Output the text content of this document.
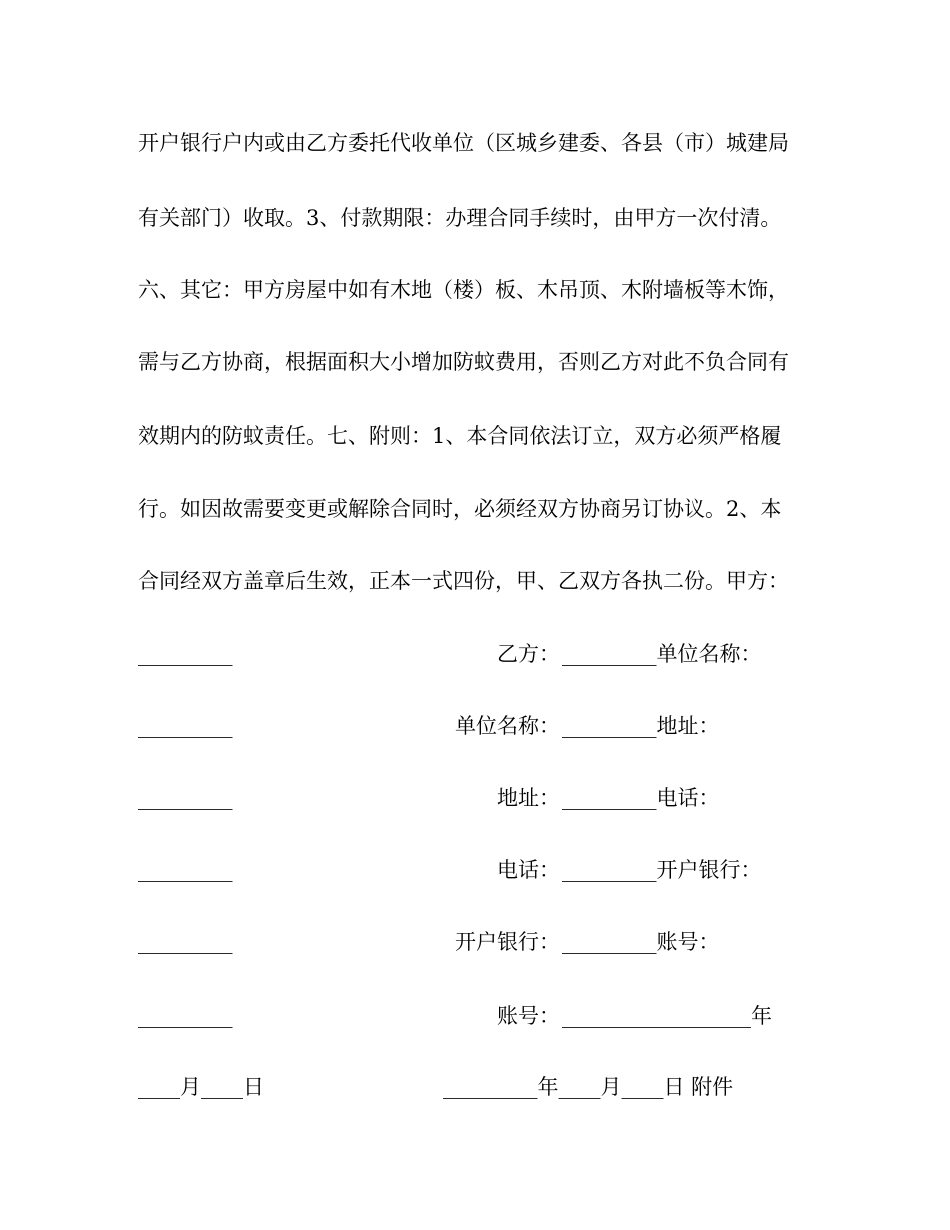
开户银行户内或由乙方委托代收单位（区城乡建委、各县（市）城建局
有关部门）收取。3、付款期限：办理合同手续时，由甲方一次付清。
六、其它：甲方房屋中如有木地（楼）板、木吊顶、木附墙板等木饰，
需与乙方协商，根据面积大小增加防蚊费用，否则乙方对此不负合同有
效期内的防蚊责任。七、附则：1、本合同依法订立，双方必须严格履
行。如因故需要变更或解除合同时，必须经双方协商另订协议。2、本
合同经双方盖章后生效，正本一式四份，甲、乙双方各执二份。甲方：
_________	乙方： _________单位名称：
_________	单位名称： _________地址：
_________	地址： _________电话：
_________	电话： _________开户银行：
_________	开户银行： _________账号：
_________	账号： __________________年
____月____日	_________年____月____日 附件
